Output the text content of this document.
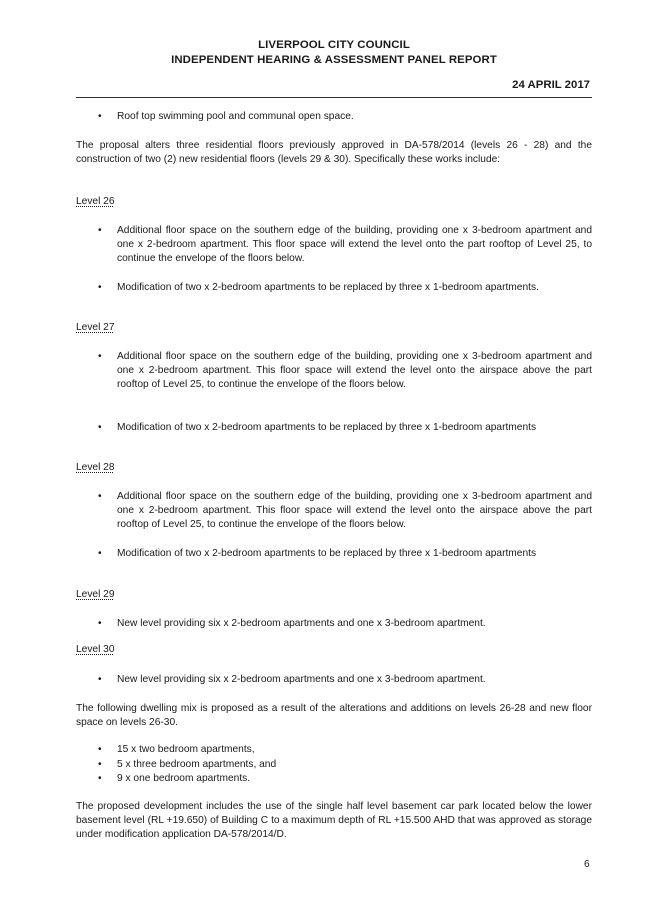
LIVERPOOL CITY COUNCIL
INDEPENDENT HEARING & ASSESSMENT PANEL REPORT
24 APRIL 2017
• Roof top swimming pool and communal open space.

The proposal alters three residential floors previously approved in DA-578/2014 (levels 26 - 28) and the construction of two (2) new residential floors (levels 29 & 30). Specifically these works include:

Level 26
• Additional floor space on the southern edge of the building, providing one x 3-bedroom apartment and one x 2-bedroom apartment. This floor space will extend the level onto the part rooftop of Level 25, to continue the envelope of the floors below.

• Modification of two x 2-bedroom apartments to be replaced by three x 1-bedroom apartments.

Level 27
• Additional floor space on the southern edge of the building, providing one x 3-bedroom apartment and one x 2-bedroom apartment. This floor space will extend the level onto the airspace above the part rooftop of Level 25, to continue the envelope of the floors below.

• Modification of two x 2-bedroom apartments to be replaced by three x 1-bedroom apartments

Level 28
• Additional floor space on the southern edge of the building, providing one x 3-bedroom apartment and one x 2-bedroom apartment. This floor space will extend the level onto the airspace above the part rooftop of Level 25, to continue the envelope of the floors below.

• Modification of two x 2-bedroom apartments to be replaced by three x 1-bedroom apartments

Level 29
• New level providing six x 2-bedroom apartments and one x 3-bedroom apartment.

Level 30
• New level providing six x 2-bedroom apartments and one x 3-bedroom apartment.

The following dwelling mix is proposed as a result of the alterations and additions on levels 26-28 and new floor space on levels 26-30.

• 15 x two bedroom apartments,

• 5 x three bedroom apartments, and

• 9 x one bedroom apartments.

The proposed development includes the use of the single half level basement car park located below the lower basement level (RL +19.650) of Building C to a maximum depth of RL +15.500 AHD that was approved as storage under modification application DA-578/2014/D.

6
